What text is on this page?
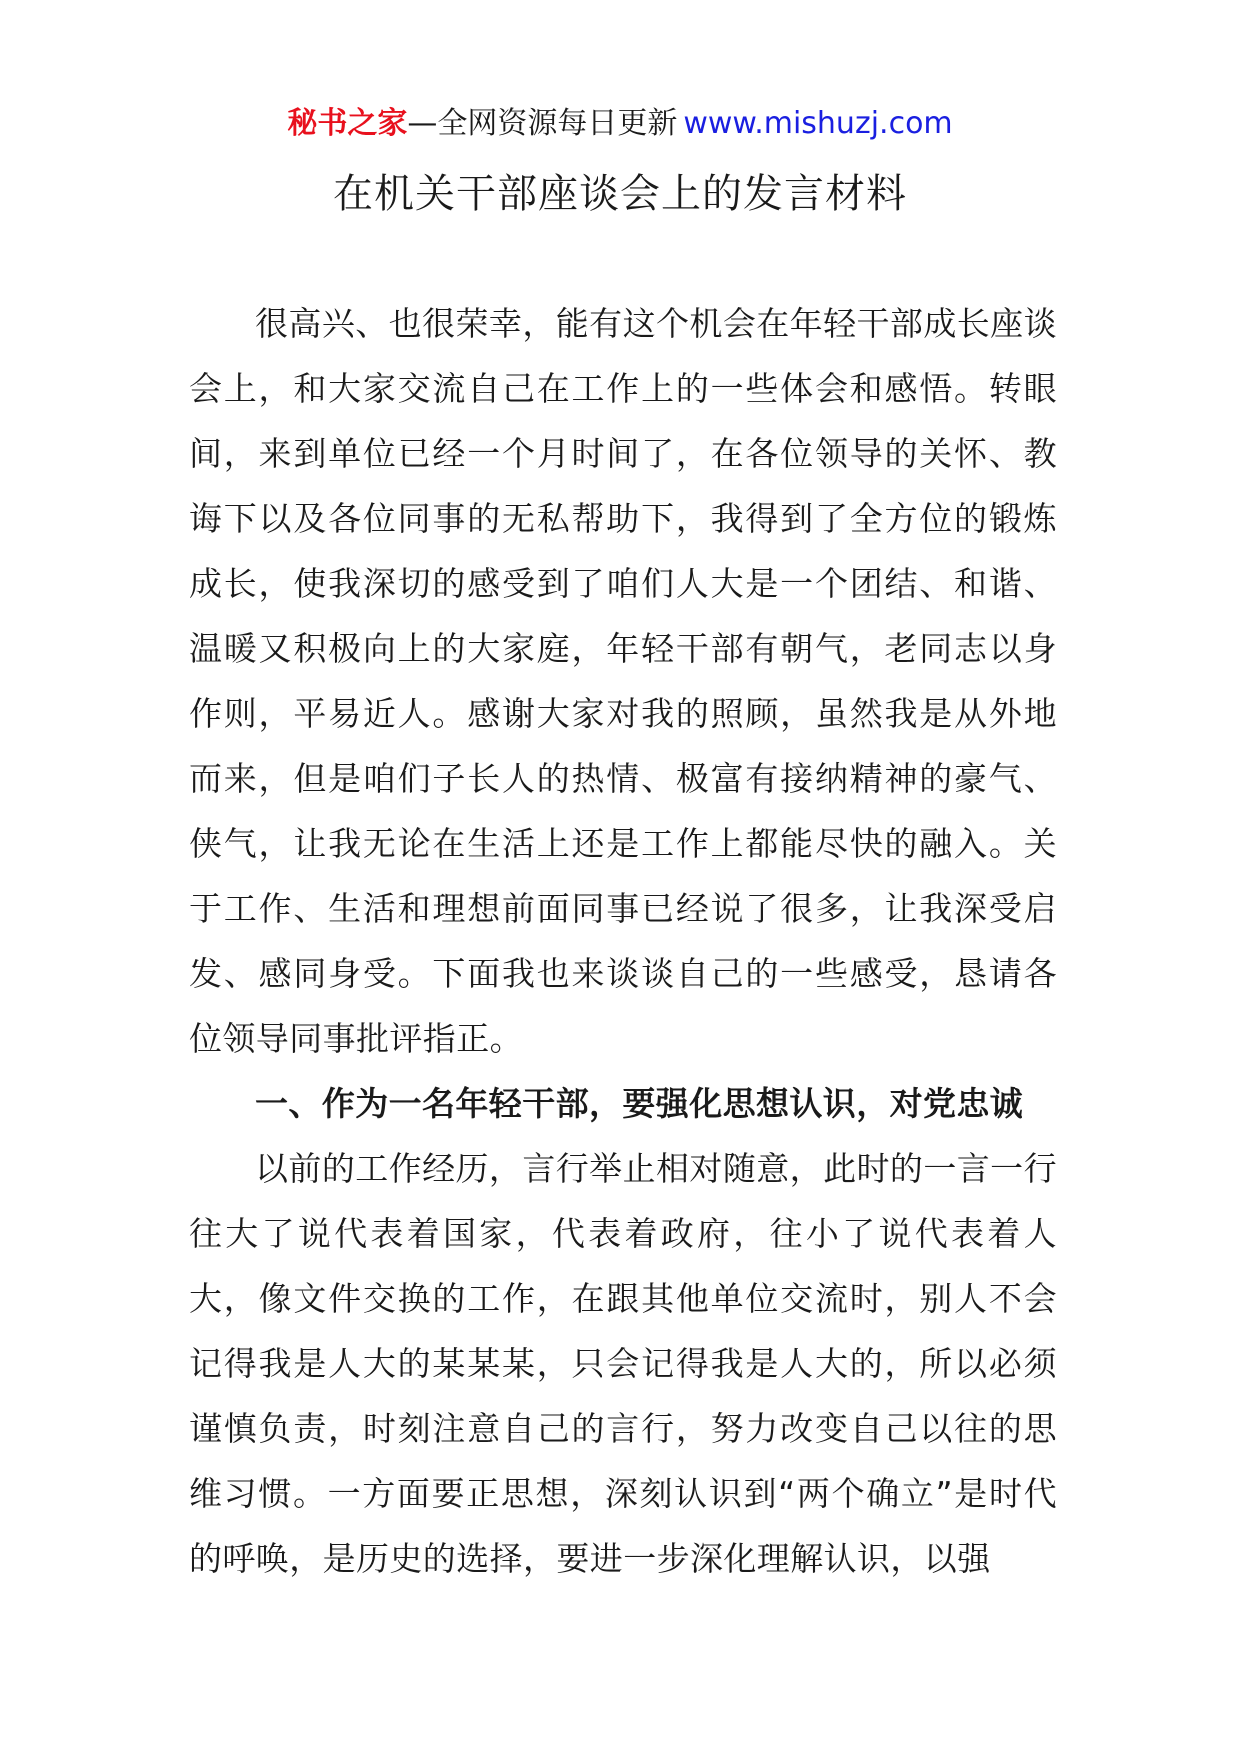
秘书之家—全网资源每日更新 www.mishuzj.com
在机关干部座谈会上的发言材料

很高兴、也很荣幸，能有这个机会在年轻干部成长座谈会上，和大家交流自己在工作上的一些体会和感悟。转眼间，来到单位已经一个月时间了，在各位领导的关怀、教诲下以及各位同事的无私帮助下，我得到了全方位的锻炼成长，使我深切的感受到了咱们人大是一个团结、和谐、温暖又积极向上的大家庭，年轻干部有朝气，老同志以身作则，平易近人。感谢大家对我的照顾，虽然我是从外地而来，但是咱们子长人的热情、极富有接纳精神的豪气、侠气，让我无论在生活上还是工作上都能尽快的融入。关于工作、生活和理想前面同事已经说了很多，让我深受启发、感同身受。下面我也来谈谈自己的一些感受，恳请各位领导同事批评指正。

一、作为一名年轻干部，要强化思想认识，对党忠诚

以前的工作经历，言行举止相对随意，此时的一言一行往大了说代表着国家，代表着政府，往小了说代表着人大，像文件交换的工作，在跟其他单位交流时，别人不会记得我是人大的某某某，只会记得我是人大的，所以必须谨慎负责，时刻注意自己的言行，努力改变自己以往的思维习惯。一方面要正思想，深刻认识到“两个确立”是时代的呼唤，是历史的选择，要进一步深化理解认识，以强
